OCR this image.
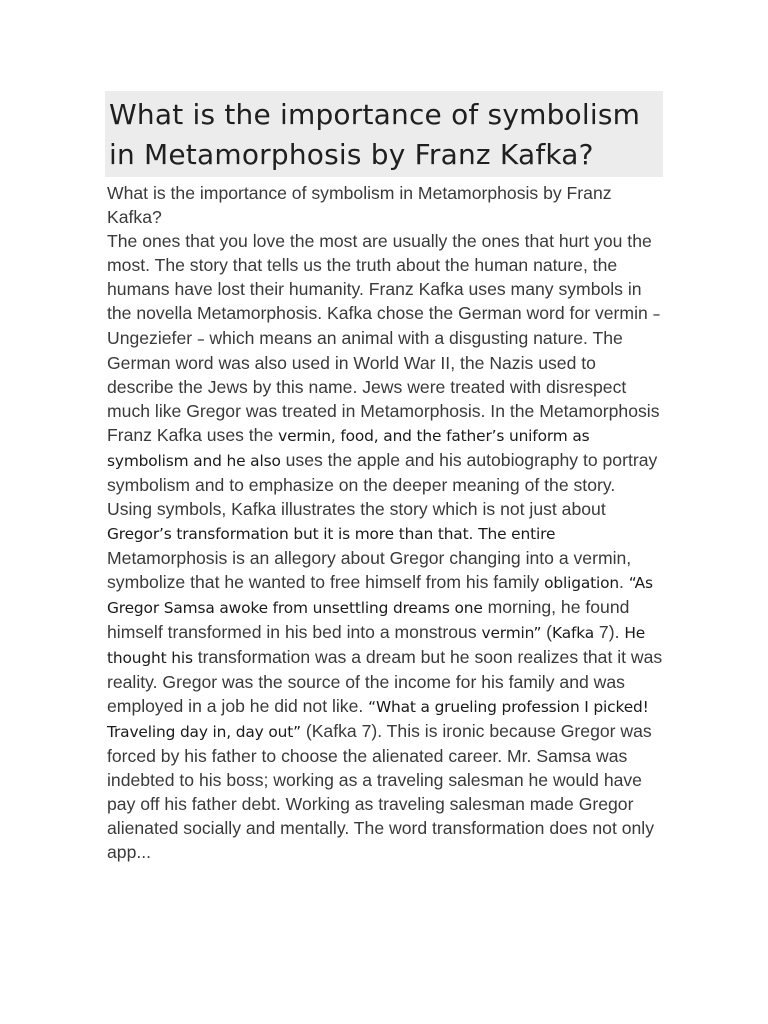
What is the importance of symbolism in Metamorphosis by Franz Kafka?

What is the importance of symbolism in Metamorphosis by Franz Kafka?

The ones that you love the most are usually the ones that hurt you the most. The story that tells us the truth about the human nature, the humans have lost their humanity. Franz Kafka uses many symbols in the novella Metamorphosis. Kafka chose the German word for vermin –Ungeziefer – which means an animal with a disgusting nature. The German word was also used in World War II, the Nazis used to describe the Jews by this name. Jews were treated with disrespect much like Gregor was treated in Metamorphosis. In the Metamorphosis Franz Kafka uses the vermin, food, and the father’s uniform as symbolism and he also uses the apple and his autobiography to portray symbolism and to emphasize on the deeper meaning of the story.

Using symbols, Kafka illustrates the story which is not just about Gregor’s transformation but it is more than that. The entire Metamorphosis is an allegory about Gregor changing into a vermin, symbolize that he wanted to free himself from his family obligation. “As Gregor Samsa awoke from unsettling dreams one morning, he found himself transformed in his bed into a monstrous vermin” (Kafka 7). He thought his transformation was a dream but he soon realizes that it was reality. Gregor was the source of the income for his family and was employed in a job he did not like. “What a grueling profession I picked! Traveling day in, day out” (Kafka 7). This is ironic because Gregor was forced by his father to choose the alienated career. Mr. Samsa was indebted to his boss; working as a traveling salesman he would have pay off his father debt. Working as traveling salesman made Gregor alienated socially and mentally. The word transformation does not only app...
